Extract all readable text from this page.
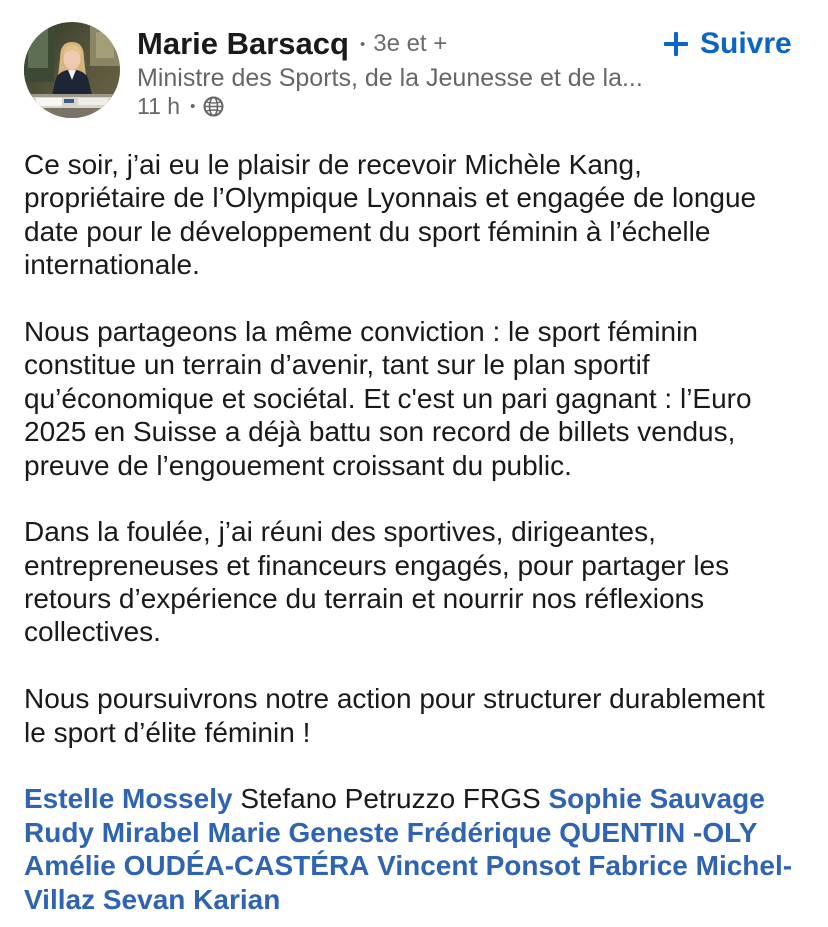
Marie Barsacq • 3e et +	Suivre
Ministre des Sports, de la Jeunesse et de la...
11 h •
Ce soir, j’ai eu le plaisir de recevoir Michèle Kang,
propriétaire de l’Olympique Lyonnais et engagée de longue
date pour le développement du sport féminin à l’échelle
internationale.
Nous partageons la même conviction : le sport féminin
constitue un terrain d’avenir, tant sur le plan sportif
qu’économique et sociétal. Et c'est un pari gagnant : l’Euro
2025 en Suisse a déjà battu son record de billets vendus,
preuve de l’engouement croissant du public.
Dans la foulée, j’ai réuni des sportives, dirigeantes,
entrepreneuses et financeurs engagés, pour partager les
retours d’expérience du terrain et nourrir nos réflexions
collectives.
Nous poursuivrons notre action pour structurer durablement
le sport d’élite féminin !
Estelle Mossely Stefano Petruzzo FRGS Sophie Sauvage
Rudy Mirabel Marie Geneste Frédérique QUENTIN -OLY
Amélie OUDÉA-CASTÉRA Vincent Ponsot Fabrice Michel-
Villaz Sevan Karian
